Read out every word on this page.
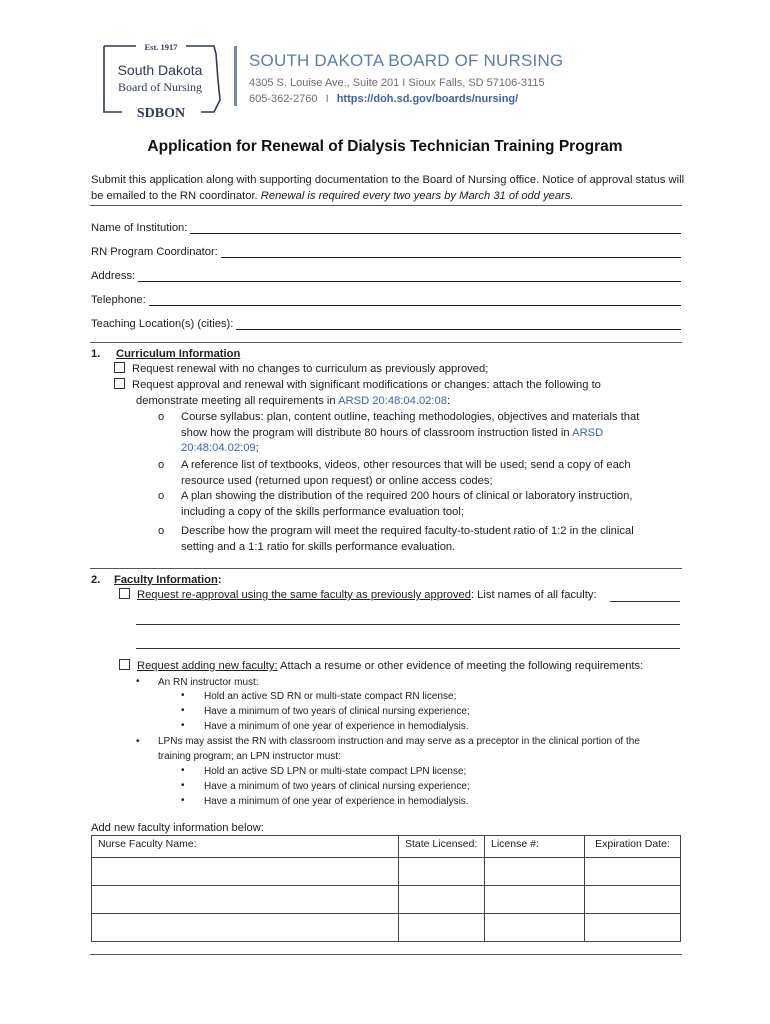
Est. 1917
South Dakota
Board of Nursing
SDBON
SOUTH DAKOTA BOARD OF NURSING
4305 S. Louise Ave., Suite 201 I Sioux Falls, SD 57106-3115
605-362-2760 I https://doh.sd.gov/boards/nursing/
Application for Renewal of Dialysis Technician Training Program
Submit this application along with supporting documentation to the Board of Nursing office. Notice of approval status will be emailed to the RN coordinator. Renewal is required every two years by March 31 of odd years.
Name of Institution:
RN Program Coordinator:
Address:
Telephone:
Teaching Location(s) (cities):
1. Curriculum Information
Request renewal with no changes to curriculum as previously approved;
Request approval and renewal with significant modifications or changes: attach the following to
demonstrate meeting all requirements in ARSD 20:48:04.02:08:
o Course syllabus: plan, content outline, teaching methodologies, objectives and materials that
show how the program will distribute 80 hours of classroom instruction listed in ARSD
20:48:04.02:09;
o A reference list of textbooks, videos, other resources that will be used; send a copy of each
resource used (returned upon request) or online access codes;
o A plan showing the distribution of the required 200 hours of clinical or laboratory instruction,
including a copy of the skills performance evaluation tool;
o Describe how the program will meet the required faculty-to-student ratio of 1:2 in the clinical
setting and a 1:1 ratio for skills performance evaluation.
2. Faculty Information:
Request re-approval using the same faculty as previously approved: List names of all faculty:
Request adding new faculty: Attach a resume or other evidence of meeting the following requirements:
• An RN instructor must:
• Hold an active SD RN or multi-state compact RN license;
• Have a minimum of two years of clinical nursing experience;
• Have a minimum of one year of experience in hemodialysis.
• LPNs may assist the RN with classroom instruction and may serve as a preceptor in the clinical portion of the
training program; an LPN instructor must:
• Hold an active SD LPN or multi-state compact LPN license;
• Have a minimum of two years of clinical nursing experience;
• Have a minimum of one year of experience in hemodialysis.
Add new faculty information below:
Nurse Faculty Name:	State Licensed:	License #:	Expiration Date:
